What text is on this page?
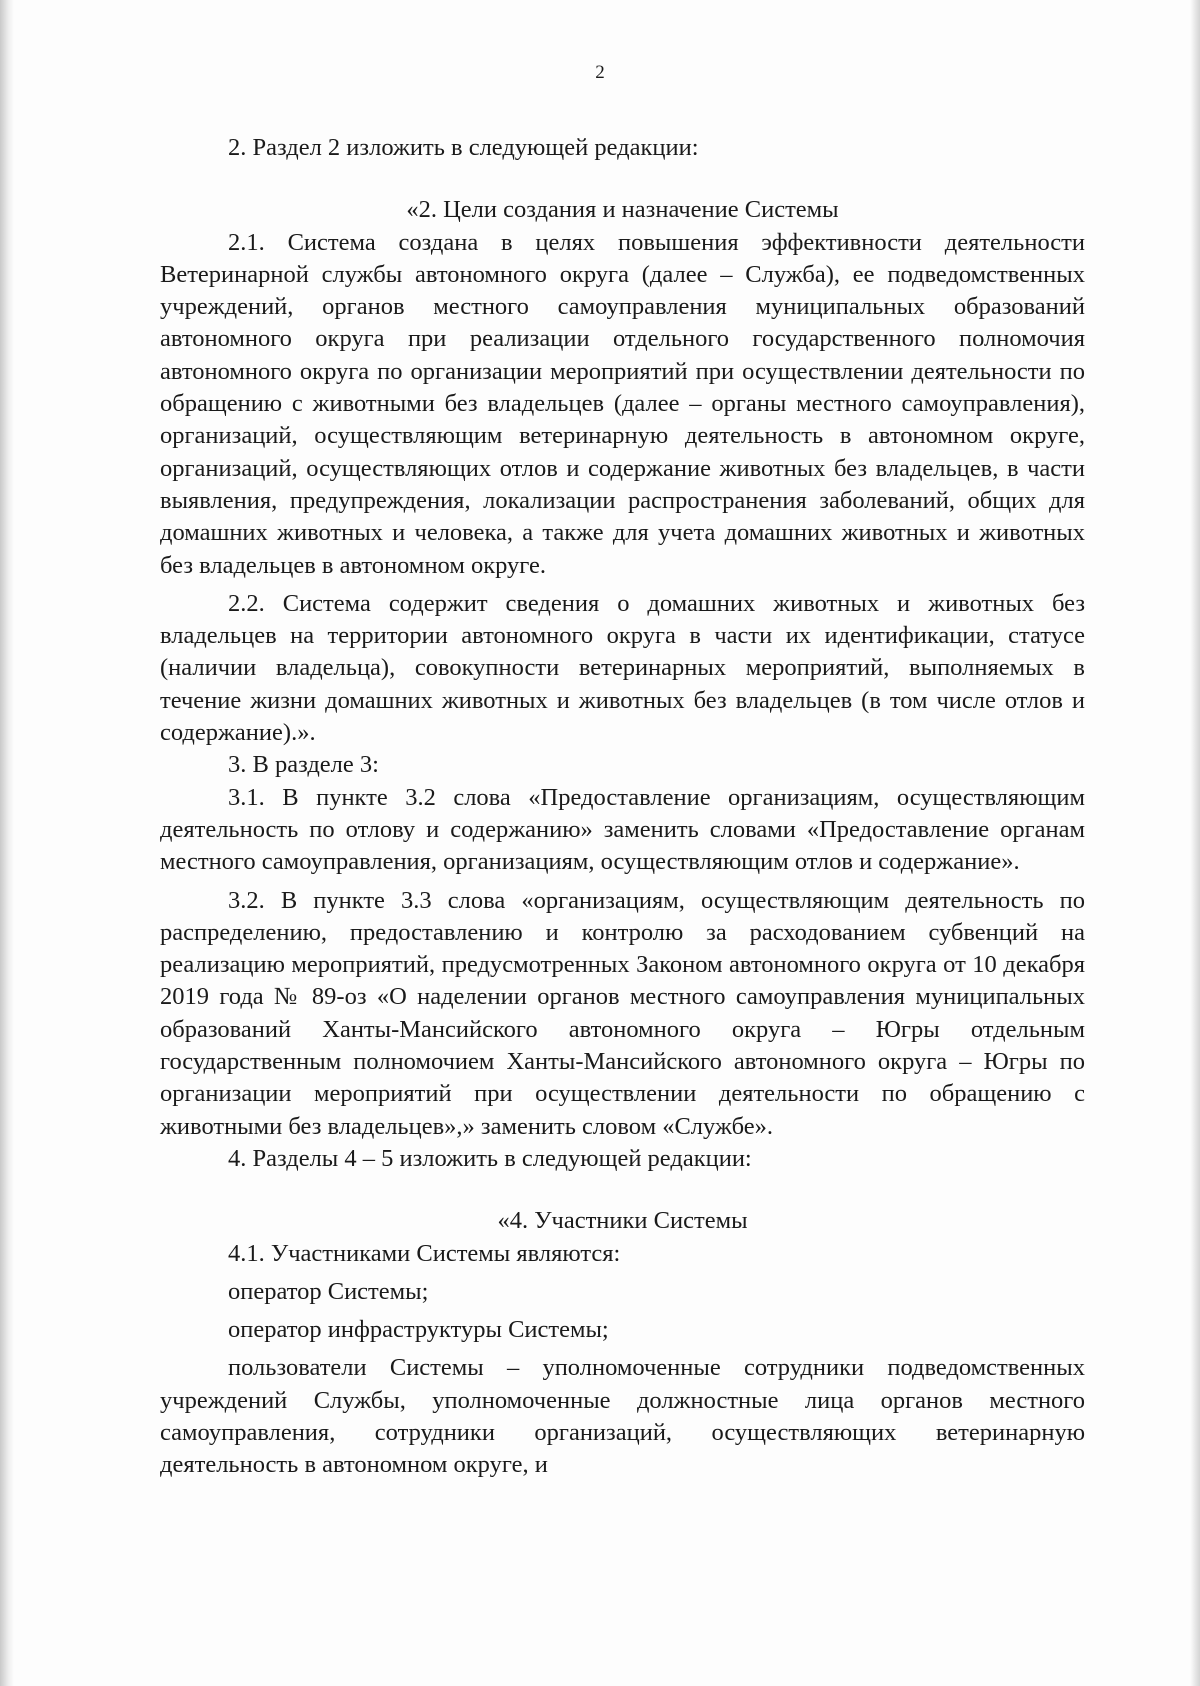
2

2. Раздел 2 изложить в следующей редакции:

«2. Цели создания и назначение Системы

2.1. Система создана в целях повышения эффективности деятельности Ветеринарной службы автономного округа (далее – Служба), ее подведомственных учреждений, органов местного самоуправления муниципальных образований автономного округа при реализации отдельного государственного полномочия автономного округа по организации мероприятий при осуществлении деятельности по обращению с животными без владельцев (далее – органы местного самоуправления), организаций, осуществляющим ветеринарную деятельность в автономном округе, организаций, осуществляющих отлов и содержание животных без владельцев, в части выявления, предупреждения, локализации распространения заболеваний, общих для домашних животных и человека, а также для учета домашних животных и животных без владельцев в автономном округе.

2.2. Система содержит сведения о домашних животных и животных без владельцев на территории автономного округа в части их идентификации, статусе (наличии владельца), совокупности ветеринарных мероприятий, выполняемых в течение жизни домашних животных и животных без владельцев (в том числе отлов и содержание).».

3. В разделе 3:

3.1. В пункте 3.2 слова «Предоставление организациям, осуществляющим деятельность по отлову и содержанию» заменить словами «Предоставление органам местного самоуправления, организациям, осуществляющим отлов и содержание».

3.2. В пункте 3.3 слова «организациям, осуществляющим деятельность по распределению, предоставлению и контролю за расходованием субвенций на реализацию мероприятий, предусмотренных Законом автономного округа от 10 декабря 2019 года № 89-оз «О наделении органов местного самоуправления муниципальных образований Ханты-Мансийского автономного округа – Югры отдельным государственным полномочием Ханты-Мансийского автономного округа – Югры по организации мероприятий при осуществлении деятельности по обращению с животными без владельцев»,» заменить словом «Службе».

4. Разделы 4 – 5 изложить в следующей редакции:

«4. Участники Системы

4.1. Участниками Системы являются:

оператор Системы;

оператор инфраструктуры Системы;

пользователи Системы – уполномоченные сотрудники подведомственных учреждений Службы, уполномоченные должностные лица органов местного самоуправления, сотрудники организаций, осуществляющих ветеринарную деятельность в автономном округе, и
